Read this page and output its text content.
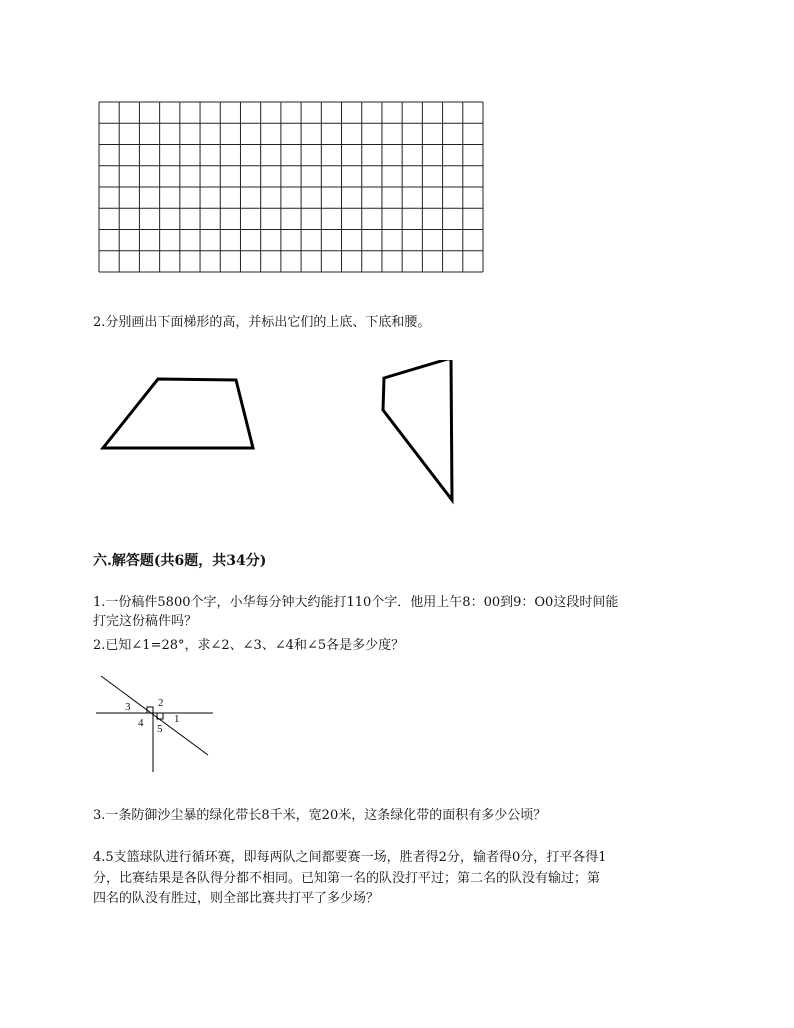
2.分别画出下面梯形的高，并标出它们的上底、下底和腰。
六.解答题(共6题，共34分)
1.一份稿件5800个字，小华每分钟大约能打110个字．他用上午8：00到9：O0这段时间能
打完这份稿件吗？
2.已知∠1=28°，求∠2、∠3、∠4和∠5各是多少度？
3	2
1
4 5
3.一条防御沙尘暴的绿化带长8千米，宽20米，这条绿化带的面积有多少公顷？
4.5支篮球队进行循环赛，即每两队之间都要赛一场，胜者得2分，输者得0分，打平各得1
分，比赛结果是各队得分都不相同。已知第一名的队没打平过；第二名的队没有输过；第
四名的队没有胜过，则全部比赛共打平了多少场？
